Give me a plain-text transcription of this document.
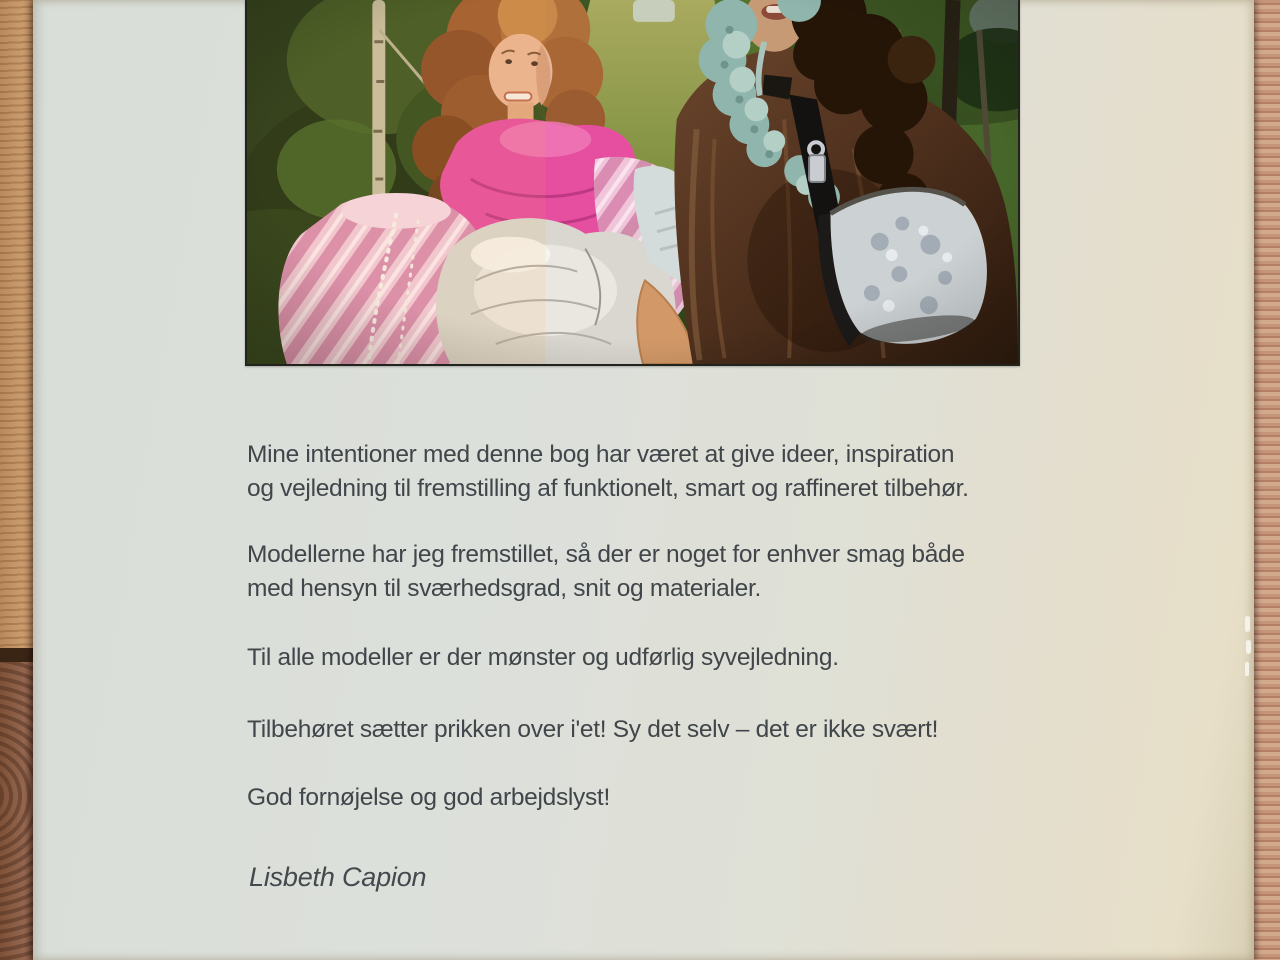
Mine intentioner med denne bog har været at give ideer, inspiration
og vejledning til fremstilling af funktionelt, smart og raffineret tilbehør.
Modellerne har jeg fremstillet, så der er noget for enhver smag både
med hensyn til sværhedsgrad, snit og materialer.
Til alle modeller er der mønster og udførlig syvejledning.
Tilbehøret sætter prikken over i'et! Sy det selv – det er ikke svært!
God fornøjelse og god arbejdslyst!
Lisbeth Capion
